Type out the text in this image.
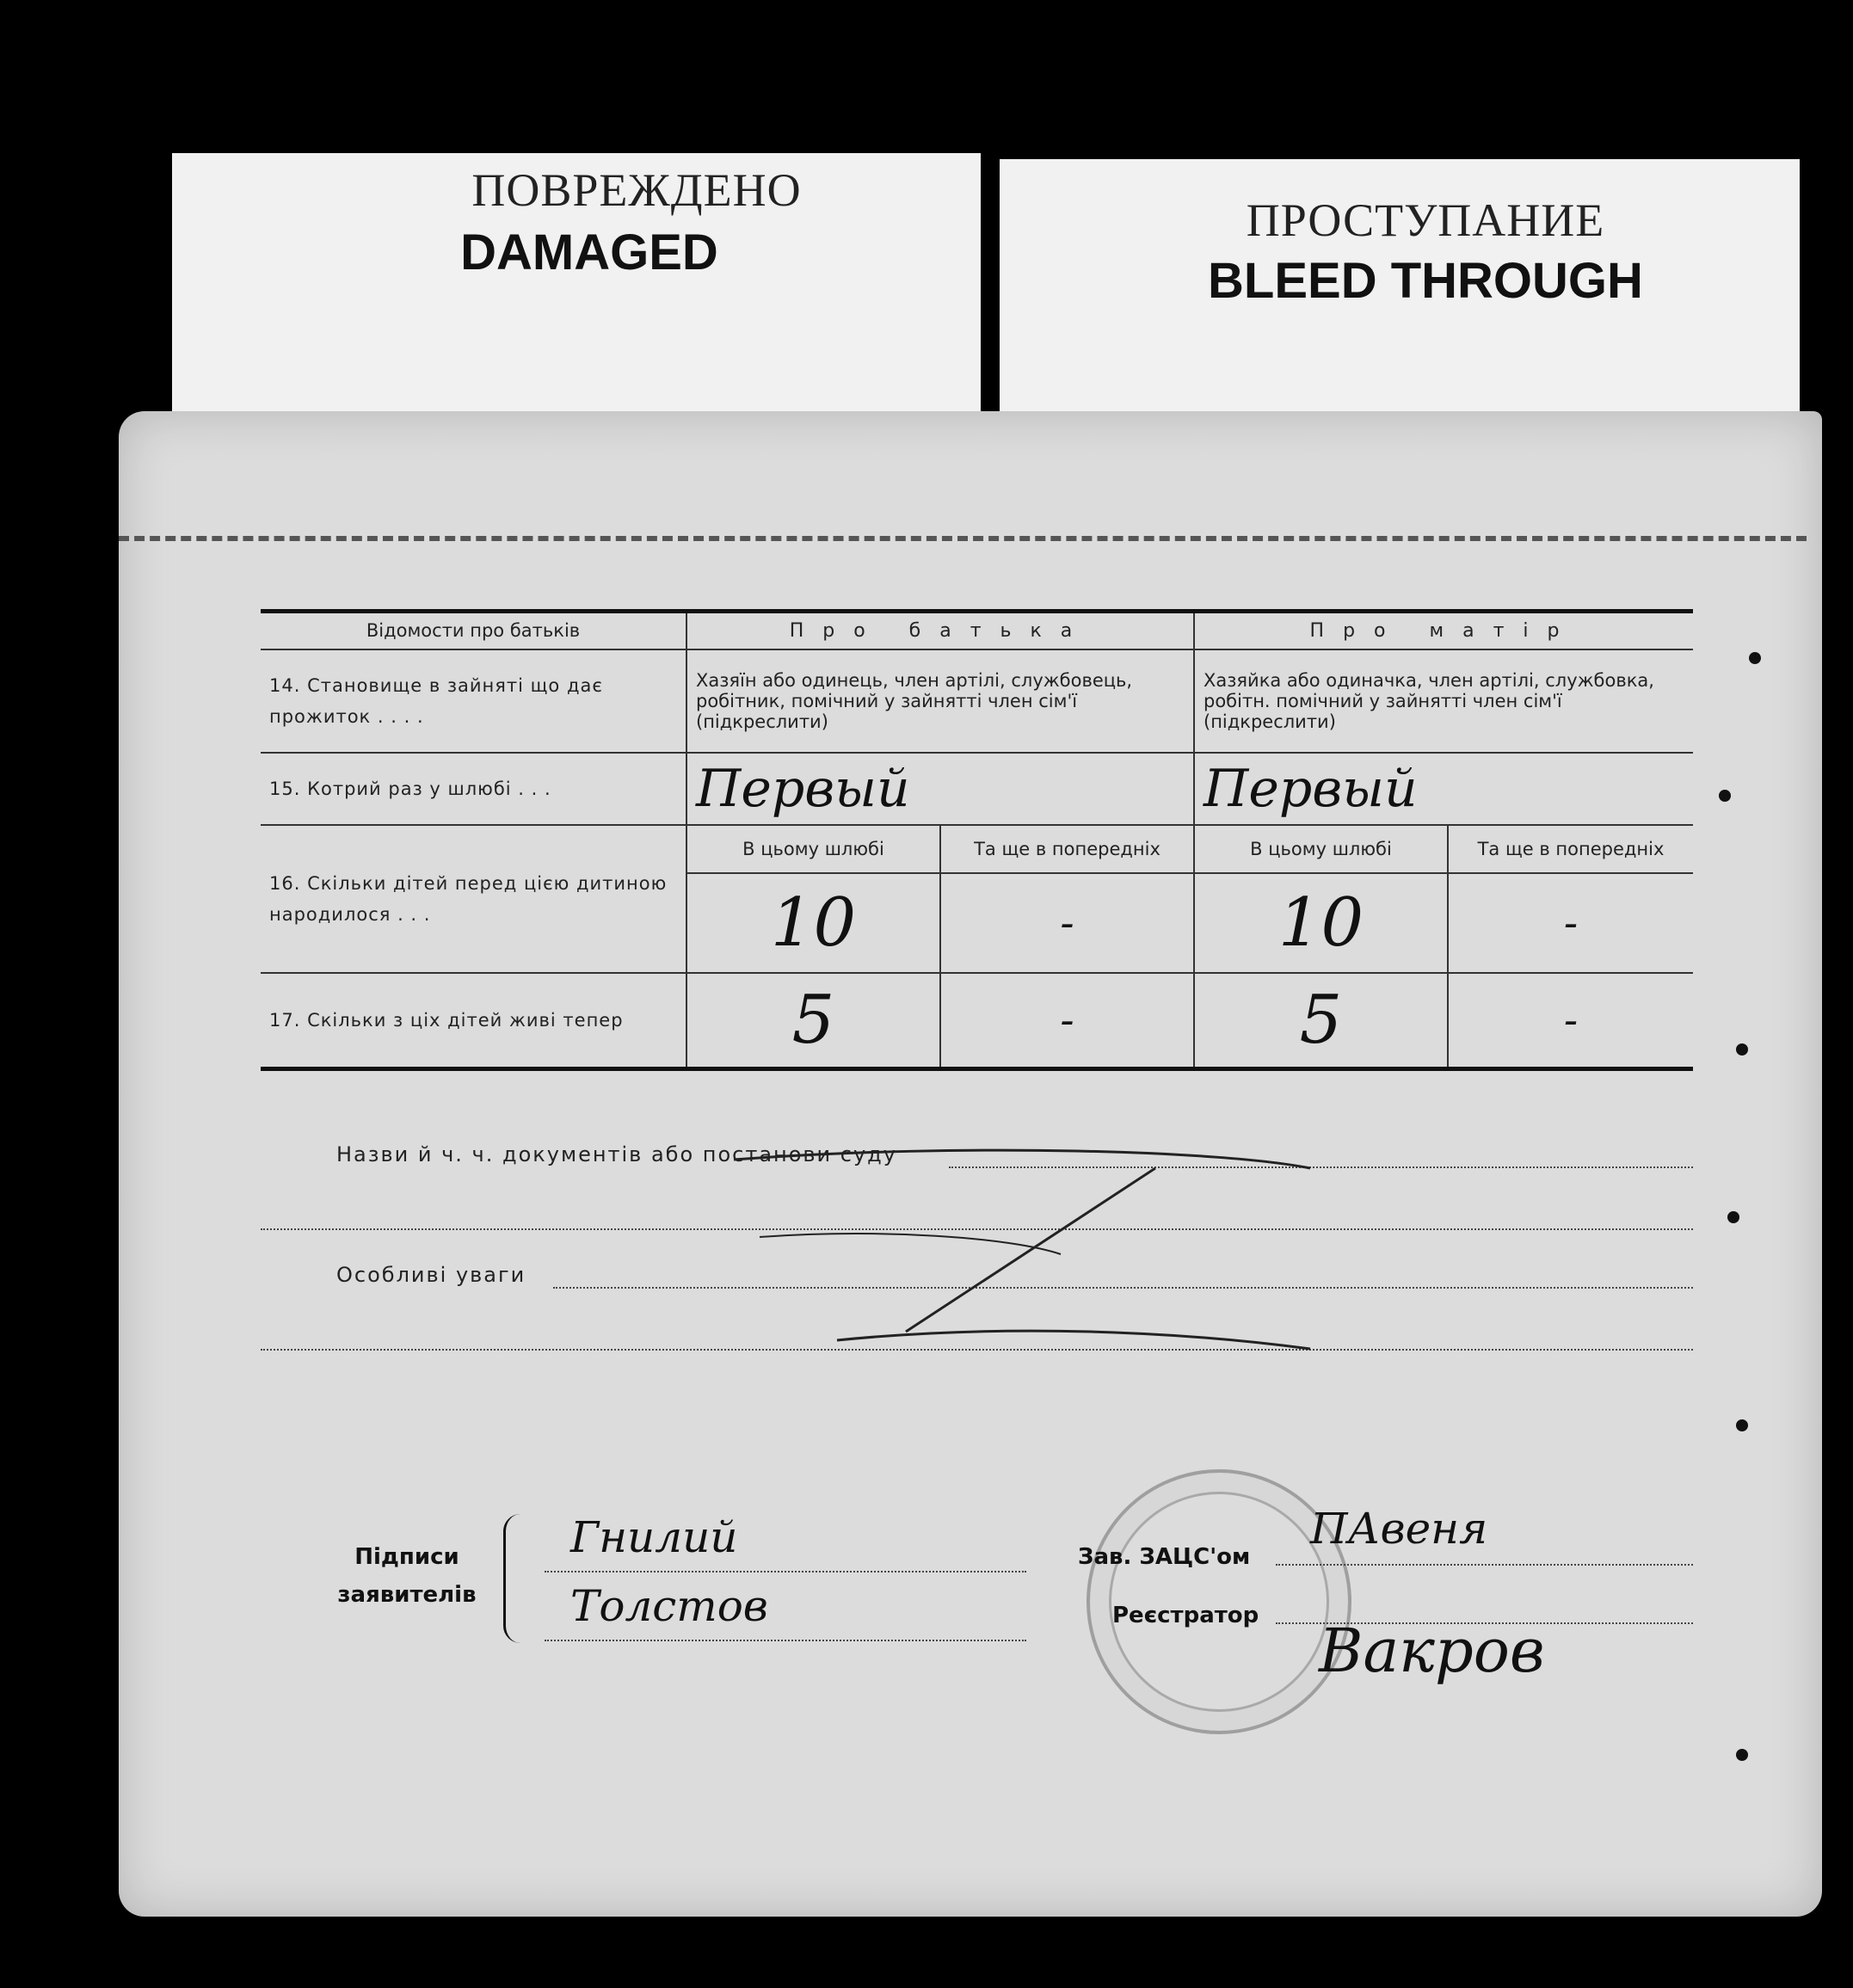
ПОВРЕЖДЕНО
DAMAGED
ПРОСТУПАНИЕ
BLEED THROUGH
Відомости про батьків	Про батька		Про матір	
14. Становище в зайняті що дає прожиток . . . .	Хазяїн або одинець, член артілі, службовець, робітник, помічний у зайнятті член сім'ї (підкреслити)		Хазяйка або одиначка, член артілі, службовка, робітн. помічний у зайнятті член сім'ї (підкреслити)	
15. Котрий раз у шлюбі . . .	Первый		Первый	
16. Скільки дітей перед цією дитиною народилося . . .	В цьому шлюбі	Та ще в попередніх	В цьому шлюбі	Та ще в попередніх
	10	-	10	-
17. Скільки з ціх дітей живі тепер	5	-	5	-
Назви й ч. ч. документів або постанови суду
Особливі уваги
Підписи
заявителів
Гнилий
Толстов
Зав. ЗАЦС'ом
ПАвеня
Реєстратор Вакров
